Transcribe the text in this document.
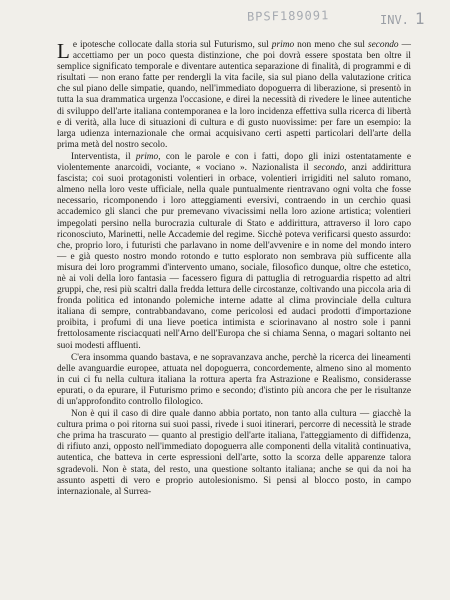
BPSF189091	INV. 1

Le ipotesche collocate dalla storia sul Futurismo, sul primo non meno che sul secondo — accettiamo per un poco questa distinzione, che poi dovrà essere spostata ben oltre il semplice significato temporale e diventare autentica separazione di finalità, di programmi e di risultati — non erano fatte per rendergli la vita facile, sia sul piano della valutazione critica che sul piano delle simpatie, quando, nell'immediato dopoguerra di liberazione, si presentò in tutta la sua drammatica urgenza l'occasione, e direi la necessità di rivedere le linee autentiche di sviluppo dell'arte italiana contemporanea e la loro incidenza effettiva sulla ricerca di libertà e di verità, alla luce di situazioni di cultura e di gusto nuovissime: per fare un esempio: la larga udienza internazionale che ormai acquisivano certi aspetti particolari dell'arte della prima metà del nostro secolo.

Interventista, il primo, con le parole e con i fatti, dopo gli inizi ostentatamente e violentemente anarcoidi, vociante, « vociano ». Nazionalista il secondo, anzi addirittura fascista; coi suoi protagonisti volentieri in orbace, volentieri irrigiditi nel saluto romano, almeno nella loro veste ufficiale, nella quale puntualmente rientravano ogni volta che fosse necessario, ricomponendo i loro atteggiamenti eversivi, contraendo in un cerchio quasi accademico gli slanci che pur premevano vivacissimi nella loro azione artistica; volentieri impegolati persino nella burocrazia culturale di Stato e addirittura, attraverso il loro capo riconosciuto, Marinetti, nelle Accademie del regime. Sicchè poteva verificarsi questo assurdo: che, proprio loro, i futuristi che parlavano in nome dell'avvenire e in nome del mondo intero — e già questo nostro mondo rotondo e tutto esplorato non sembrava più sufficente alla misura dei loro programmi d'intervento umano, sociale, filosofico dunque, oltre che estetico, nè ai voli della loro fantasia — facessero figura di pattuglia di retroguardia rispetto ad altri gruppi, che, resi più scaltri dalla fredda lettura delle circostanze, coltivando una piccola aria di fronda politica ed intonando polemiche interne adatte al clima provinciale della cultura italiana di sempre, contrabbandavano, come pericolosi ed audaci prodotti d'importazione proibita, i profumi di una lieve poetica intimista e sciorinavano al nostro sole i panni frettolosamente risciacquati nell'Arno dell'Europa che si chiama Senna, o magari soltanto nei suoi modesti affluenti.

C'era insomma quando bastava, e ne sopravanzava anche, perchè la ricerca dei lineamenti delle avanguardie europee, attuata nel dopoguerra, concordemente, almeno sino al momento in cui ci fu nella cultura italiana la rottura aperta fra Astrazione e Realismo, considerasse epurati, o da epurare, il Futurismo primo e secondo; d'istinto più ancora che per le risultanze di un'approfondito controllo filologico.

Non è qui il caso di dire quale danno abbia portato, non tanto alla cultura — giacchè la cultura prima o poi ritorna sui suoi passi, rivede i suoi itinerari, percorre di necessità le strade che prima ha trascurato — quanto al prestigio dell'arte italiana, l'atteggiamento di diffidenza, di rifiuto anzi, opposto nell'immediato dopoguerra alle componenti della vitalità continuativa, autentica, che batteva in certe espressioni dell'arte, sotto la scorza delle apparenze talora sgradevoli. Non è stata, del resto, una questione soltanto italiana; anche se qui da noi ha assunto aspetti di vero e proprio autolesionismo. Si pensi al blocco posto, in campo internazionale, al Surrea-
